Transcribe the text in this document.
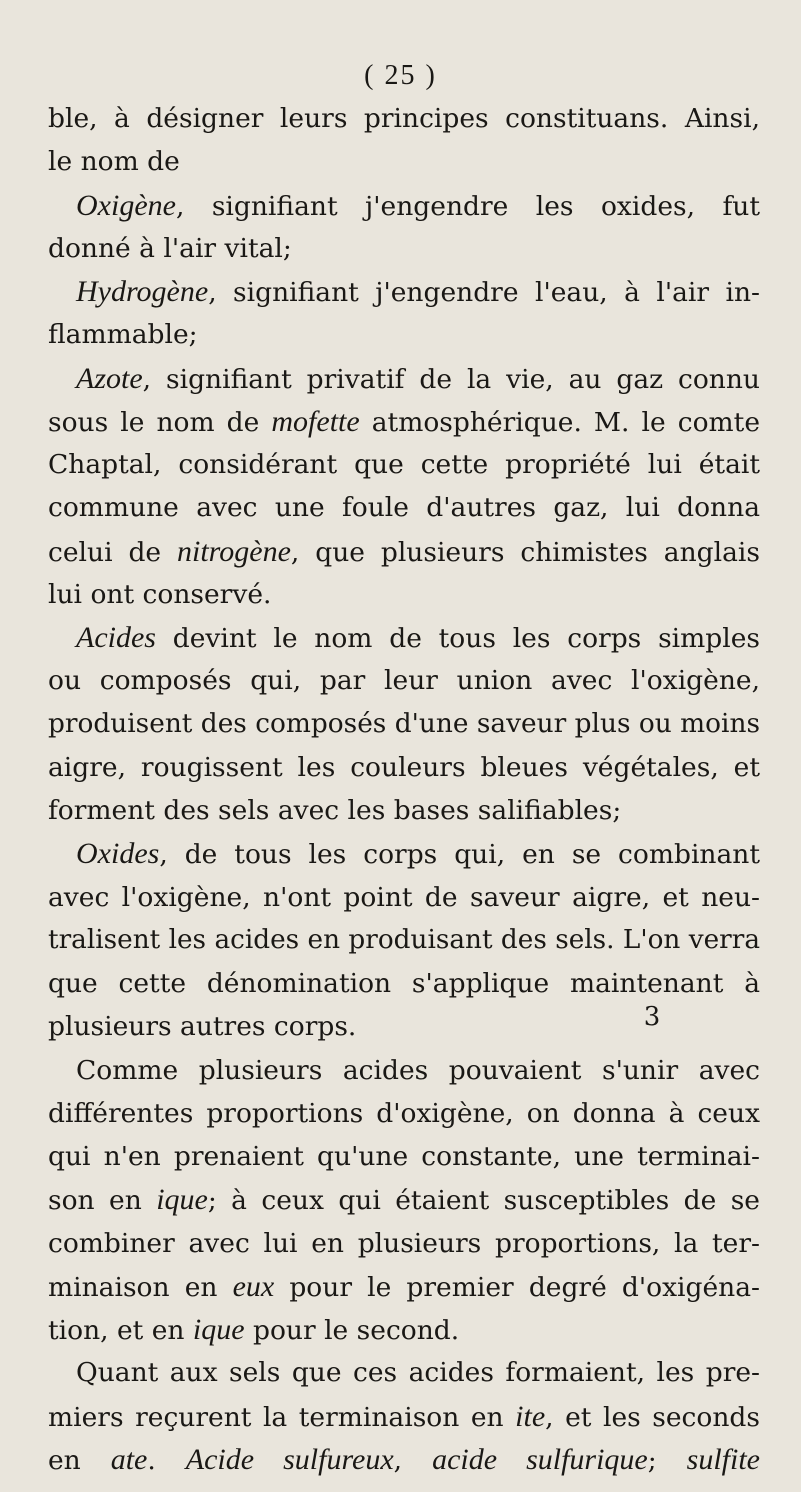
( 25 )
ble, à désigner leurs principes constituans. Ainsi,
le nom de
Oxigène, signifiant j'engendre les oxides, fut
donné à l'air vital;
Hydrogène, signifiant j'engendre l'eau, à l'air in-
flammable;
Azote, signifiant privatif de la vie, au gaz connu
sous le nom de mofette atmosphérique. M. le comte
Chaptal, considérant que cette propriété lui était
commune avec une foule d'autres gaz, lui donna
celui de nitrogène, que plusieurs chimistes anglais
lui ont conservé.
Acides devint le nom de tous les corps simples
ou composés qui, par leur union avec l'oxigène,
produisent des composés d'une saveur plus ou moins
aigre, rougissent les couleurs bleues végétales, et
forment des sels avec les bases salifiables;
Oxides, de tous les corps qui, en se combinant
avec l'oxigène, n'ont point de saveur aigre, et neu-
tralisent les acides en produisant des sels. L'on verra
que cette dénomination s'applique maintenant à
plusieurs autres corps.
Comme plusieurs acides pouvaient s'unir avec
différentes proportions d'oxigène, on donna à ceux
qui n'en prenaient qu'une constante, une terminai-
son en ique; à ceux qui étaient susceptibles de se
combiner avec lui en plusieurs proportions, la ter-
minaison en eux pour le premier degré d'oxigéna-
tion, et en ique pour le second.
Quant aux sels que ces acides formaient, les pre-
miers reçurent la terminaison en ite, et les seconds
en ate. Acide sulfureux, acide sulfurique; sulfite
3
